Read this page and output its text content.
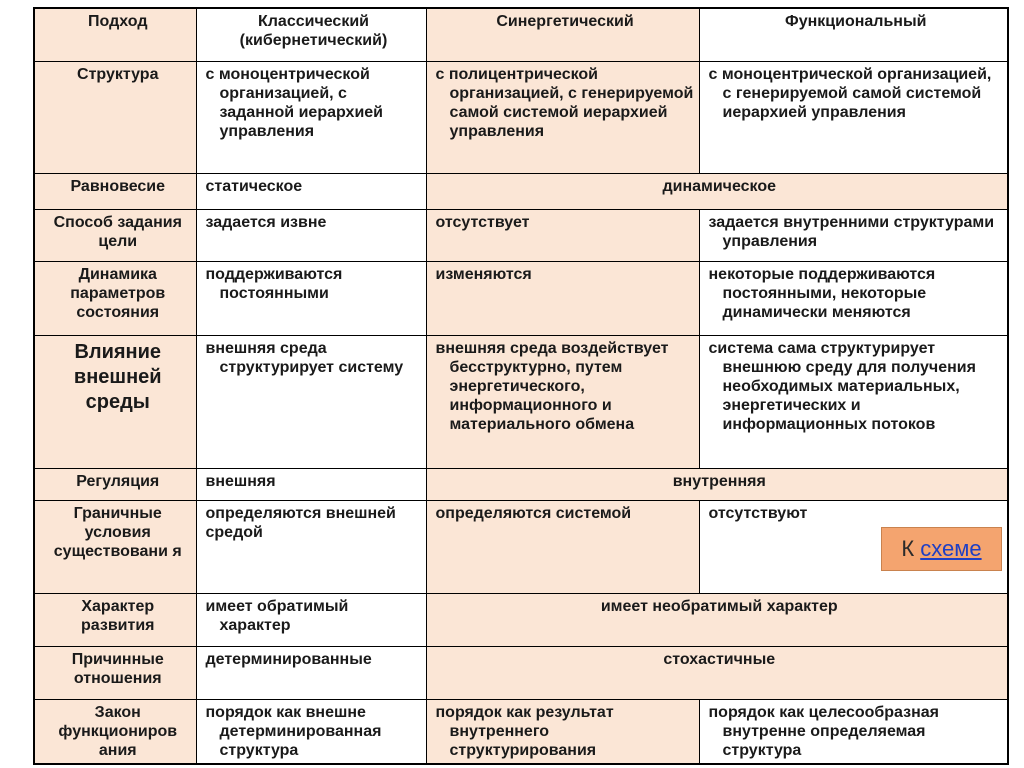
Подход	Классический (кибернетический)	Синергетический	Функциональный
Структура	с моноцентрической организацией, с заданной иерархией управления	с полицентрической организацией, с генерируемой самой системой иерархией управления	с моноцентрической организацией, с генерируемой самой системой иерархией управления

Равновесие	статическое	динамическое	
Способ задания цели	задается извне	отсутствует	задается внутренними структурами управления

Динамика параметров состояния	поддерживаются постоянными	изменяются	некоторые поддерживаются постоянными, некоторые динамически меняются

Влияние внешней среды	внешняя среда структурирует систему	внешняя среда воздействует бесструктурно, путем энергетического, информационного и материального обмена	система сама структурирует внешнюю среду для получения необходимых материальных, энергетических и информационных потоков

Регуляция	внешняя	внутренняя	
Граничные условия существовани я	определяются внешней средой	определяются системой	отсутствуют
Характер развития	имеет обратимый характер	имеет необратимый характер	
Причинные отношения	детерминированные	стохастичные	
Закон функциониров ания	порядок как внешне детерминированная структура	порядок как результат внутреннего структурирования	порядок как целесообразная внутренне определяемая структура
К схеме
